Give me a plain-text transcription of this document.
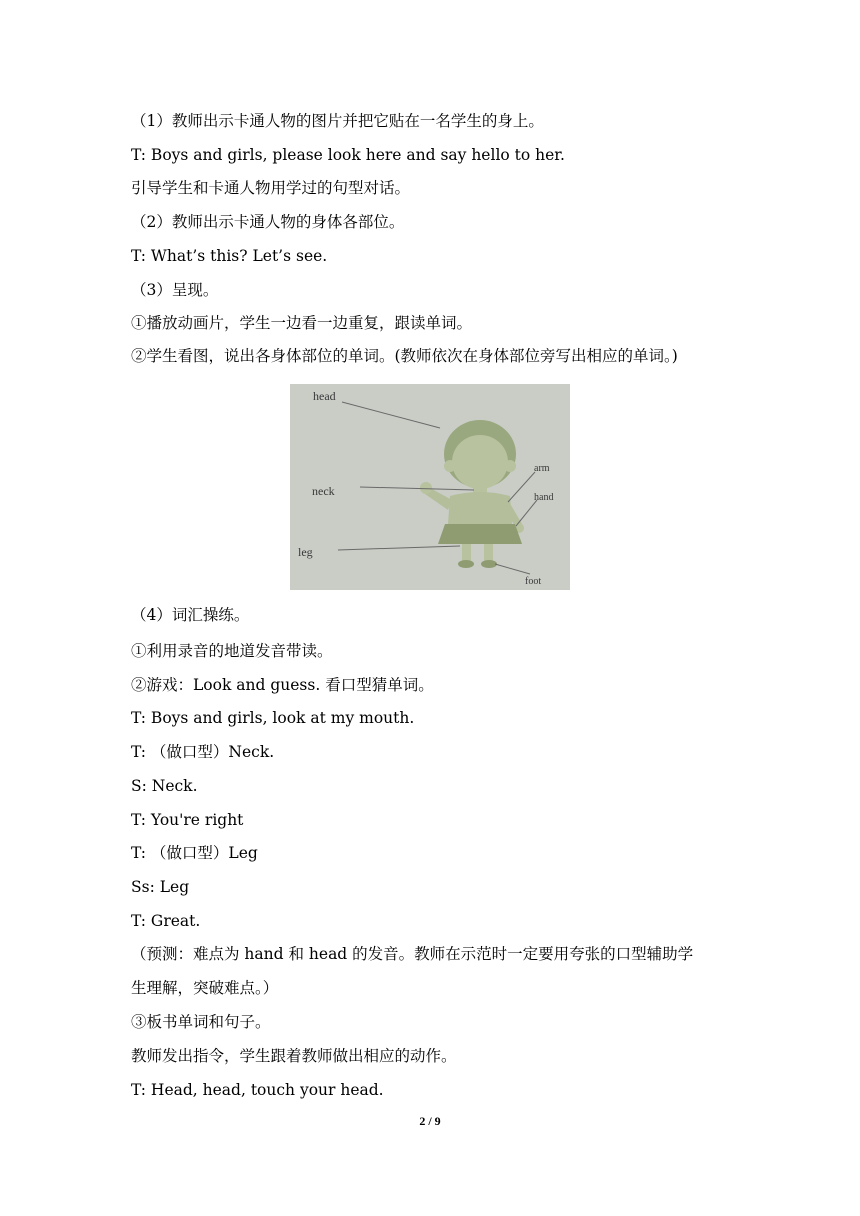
（1）教师出示卡通人物的图片并把它贴在一名学生的身上。
T: Boys and girls, please look here and say hello to her.
引导学生和卡通人物用学过的句型对话。
（2）教师出示卡通人物的身体各部位。
T: What’s this? Let’s see.
（3）呈现。
①播放动画片，学生一边看一边重复，跟读单词。
②学生看图，说出各身体部位的单词。(教师依次在身体部位旁写出相应的单词。)
head
neck
leg
arm
hand
foot
（4）词汇操练。
①利用录音的地道发音带读。
②游戏：Look and guess. 看口型猜单词。
T: Boys and girls, look at my mouth.
T: （做口型）Neck.
S: Neck.
T: You're right
T: （做口型）Leg
Ss: Leg
T: Great.
（预测：难点为 hand 和 head 的发音。教师在示范时一定要用夸张的口型辅助学
生理解，突破难点。）
③板书单词和句子。
教师发出指令，学生跟着教师做出相应的动作。
T: Head, head, touch your head.
2 / 9
